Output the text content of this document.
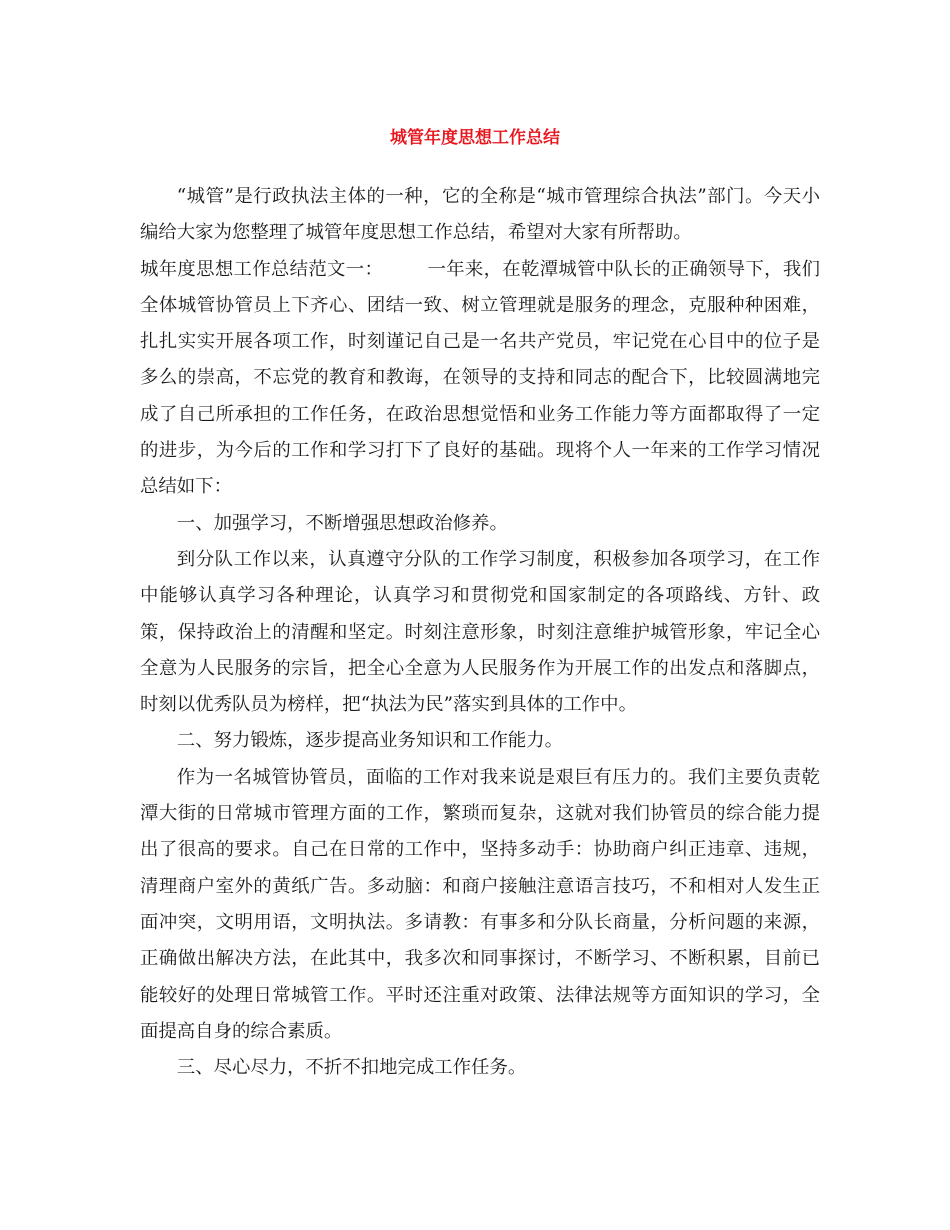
城管年度思想工作总结

“城管”是行政执法主体的一种，它的全称是“城市管理综合执法”部门。今天小编给大家为您整理了城管年度思想工作总结，希望对大家有所帮助。

城年度思想工作总结范文一： 一年来，在乾潭城管中队长的正确领导下，我们全体城管协管员上下齐心、团结一致、树立管理就是服务的理念，克服种种困难，扎扎实实开展各项工作，时刻谨记自己是一名共产党员，牢记党在心目中的位子是多么的崇高，不忘党的教育和教诲，在领导的支持和同志的配合下，比较圆满地完成了自己所承担的工作任务，在政治思想觉悟和业务工作能力等方面都取得了一定的进步，为今后的工作和学习打下了良好的基础。现将个人一年来的工作学习情况总结如下：

一、加强学习，不断增强思想政治修养。

到分队工作以来，认真遵守分队的工作学习制度，积极参加各项学习，在工作中能够认真学习各种理论，认真学习和贯彻党和国家制定的各项路线、方针、政策，保持政治上的清醒和坚定。时刻注意形象，时刻注意维护城管形象，牢记全心全意为人民服务的宗旨，把全心全意为人民服务作为开展工作的出发点和落脚点，时刻以优秀队员为榜样，把“执法为民”落实到具体的工作中。

二、努力锻炼，逐步提高业务知识和工作能力。

作为一名城管协管员，面临的工作对我来说是艰巨有压力的。我们主要负责乾潭大街的日常城市管理方面的工作，繁琐而复杂，这就对我们协管员的综合能力提出了很高的要求。自己在日常的工作中，坚持多动手：协助商户纠正违章、违规，清理商户室外的黄纸广告。多动脑：和商户接触注意语言技巧，不和相对人发生正面冲突，文明用语，文明执法。多请教：有事多和分队长商量，分析问题的来源，正确做出解决方法，在此其中，我多次和同事探讨，不断学习、不断积累，目前已能较好的处理日常城管工作。平时还注重对政策、法律法规等方面知识的学习，全面提高自身的综合素质。

三、尽心尽力，不折不扣地完成工作任务。
